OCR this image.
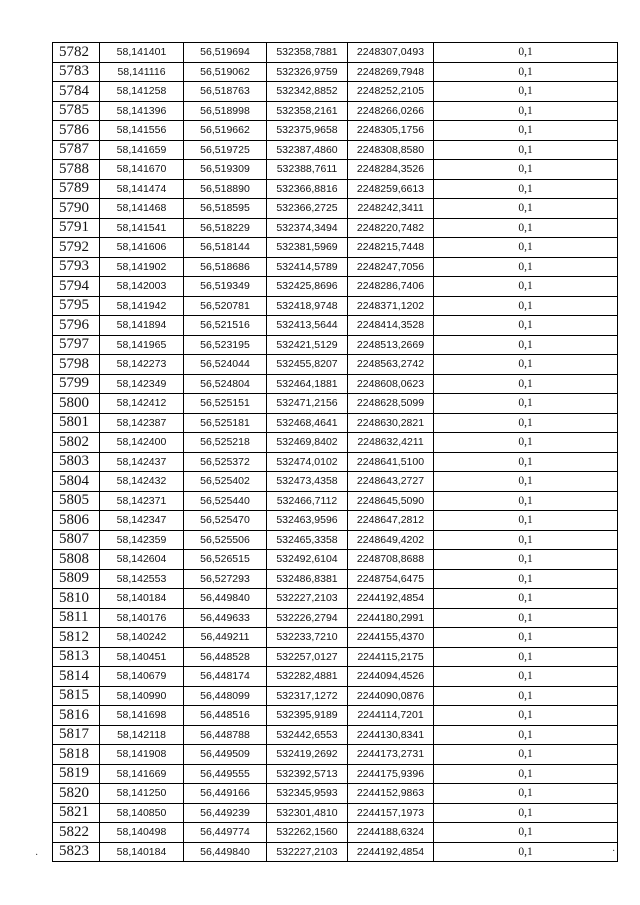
5782	58,141401	56,519694	532358,7881	2248307,0493	0,1
5783	58,141116	56,519062	532326,9759	2248269,7948	0,1
5784	58,141258	56,518763	532342,8852	2248252,2105	0,1
5785	58,141396	56,518998	532358,2161	2248266,0266	0,1
5786	58,141556	56,519662	532375,9658	2248305,1756	0,1
5787	58,141659	56,519725	532387,4860	2248308,8580	0,1
5788	58,141670	56,519309	532388,7611	2248284,3526	0,1
5789	58,141474	56,518890	532366,8816	2248259,6613	0,1
5790	58,141468	56,518595	532366,2725	2248242,3411	0,1
5791	58,141541	56,518229	532374,3494	2248220,7482	0,1
5792	58,141606	56,518144	532381,5969	2248215,7448	0,1
5793	58,141902	56,518686	532414,5789	2248247,7056	0,1
5794	58,142003	56,519349	532425,8696	2248286,7406	0,1
5795	58,141942	56,520781	532418,9748	2248371,1202	0,1
5796	58,141894	56,521516	532413,5644	2248414,3528	0,1
5797	58,141965	56,523195	532421,5129	2248513,2669	0,1
5798	58,142273	56,524044	532455,8207	2248563,2742	0,1
5799	58,142349	56,524804	532464,1881	2248608,0623	0,1
5800	58,142412	56,525151	532471,2156	2248628,5099	0,1
5801	58,142387	56,525181	532468,4641	2248630,2821	0,1
5802	58,142400	56,525218	532469,8402	2248632,4211	0,1
5803	58,142437	56,525372	532474,0102	2248641,5100	0,1
5804	58,142432	56,525402	532473,4358	2248643,2727	0,1
5805	58,142371	56,525440	532466,7112	2248645,5090	0,1
5806	58,142347	56,525470	532463,9596	2248647,2812	0,1
5807	58,142359	56,525506	532465,3358	2248649,4202	0,1
5808	58,142604	56,526515	532492,6104	2248708,8688	0,1
5809	58,142553	56,527293	532486,8381	2248754,6475	0,1
5810	58,140184	56,449840	532227,2103	2244192,4854	0,1
5811	58,140176	56,449633	532226,2794	2244180,2991	0,1
5812	58,140242	56,449211	532233,7210	2244155,4370	0,1
5813	58,140451	56,448528	532257,0127	2244115,2175	0,1
5814	58,140679	56,448174	532282,4881	2244094,4526	0,1
5815	58,140990	56,448099	532317,1272	2244090,0876	0,1
5816	58,141698	56,448516	532395,9189	2244114,7201	0,1
5817	58,142118	56,448788	532442,6553	2244130,8341	0,1
5818	58,141908	56,449509	532419,2692	2244173,2731	0,1
5819	58,141669	56,449555	532392,5713	2244175,9396	0,1
5820	58,141250	56,449166	532345,9593	2244152,9863	0,1
5821	58,140850	56,449239	532301,4810	2244157,1973	0,1
5822	58,140498	56,449774	532262,1560	2244188,6324	0,1
5823	58,140184	56,449840	532227,2103	2244192,4854	0,1
·	·
